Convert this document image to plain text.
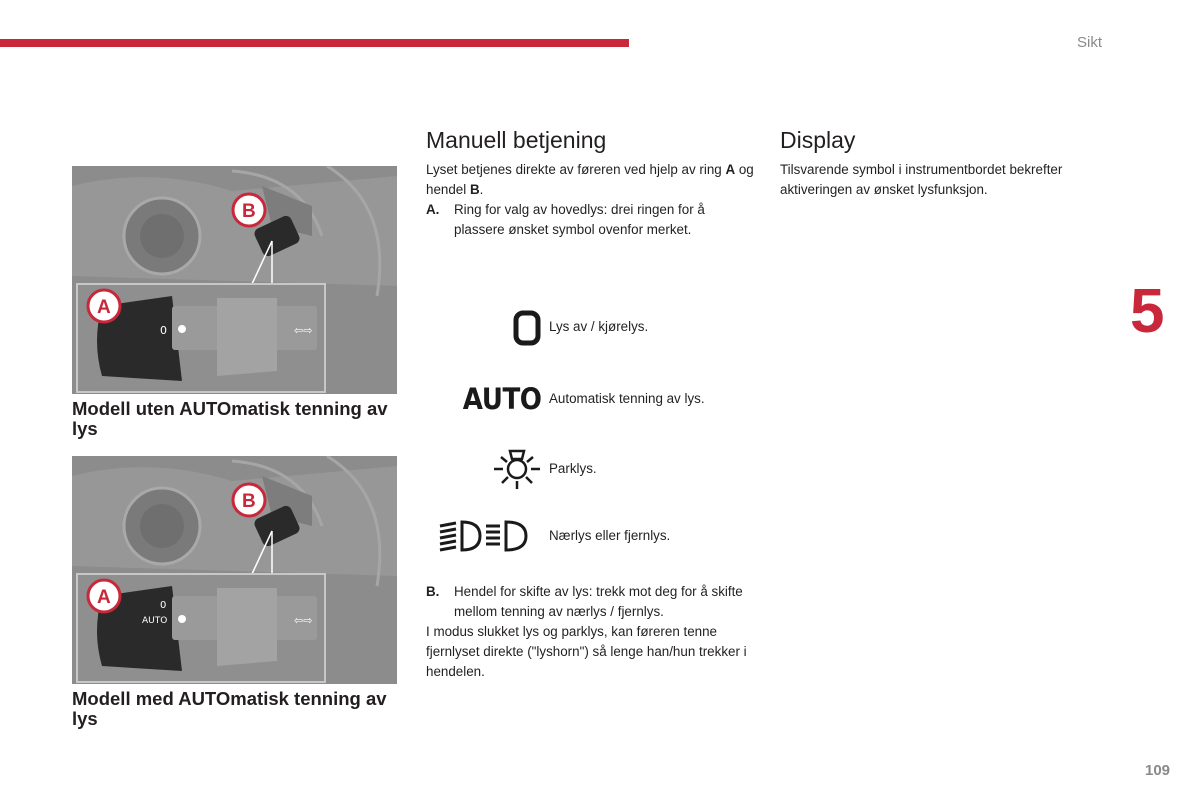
Sikt
5
109
⇦⇨
0
A
B
Modell uten AUTOmatisk tenning av lys
⇦⇨
0
AUTO
A
B
Modell med AUTOmatisk tenning av lys
Manuell betjening
Lyset betjenes direkte av føreren ved hjelp av ring A og hendel B.
A. Ring for valg av hovedlys: drei ringen for å plassere ønsket symbol ovenfor merket.
Lys av / kjørelys.
AUTO Automatisk tenning av lys.
Parklys.
Nærlys eller fjernlys.
B. Hendel for skifte av lys: trekk mot deg for å skifte mellom tenning av nærlys / fjernlys.
I modus slukket lys og parklys, kan føreren tenne fjernlyset direkte ("lyshorn") så lenge han/hun trekker i hendelen.
Display
Tilsvarende symbol i instrumentbordet bekrefter aktiveringen av ønsket lysfunksjon.
